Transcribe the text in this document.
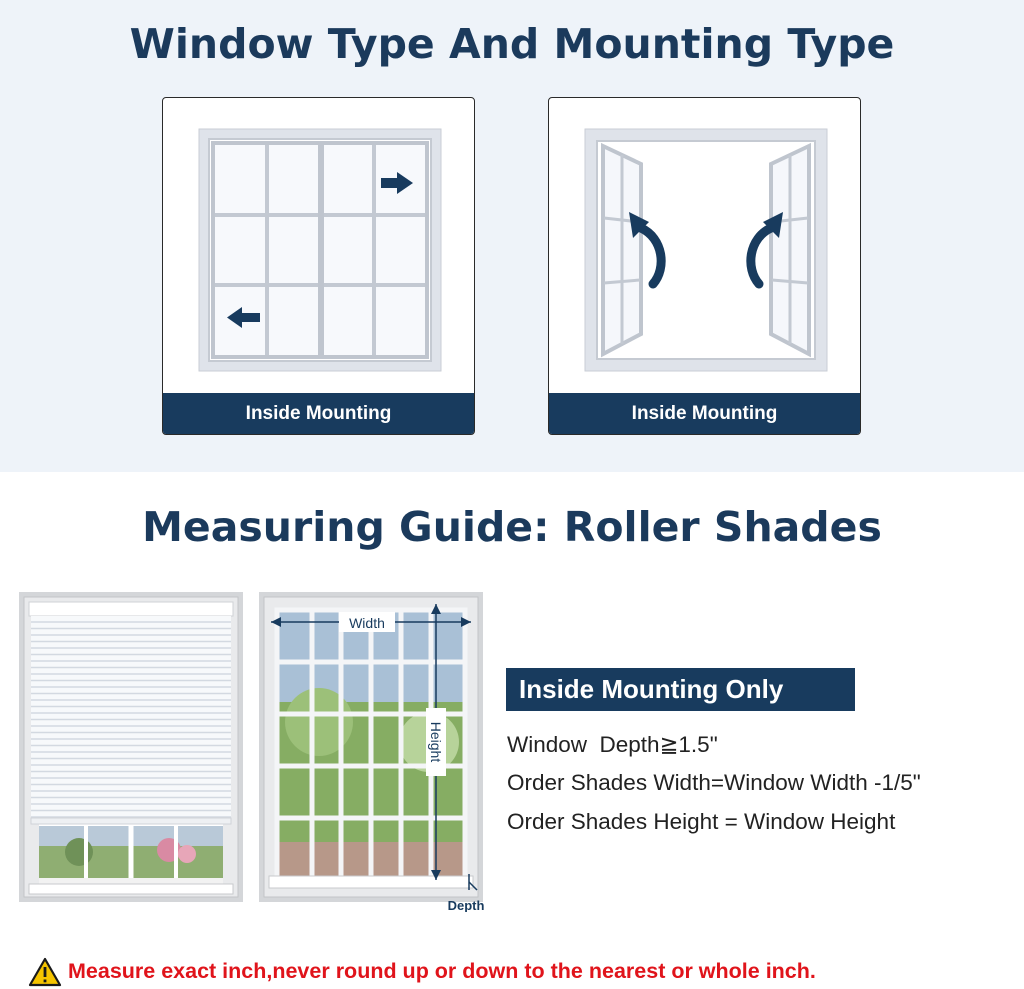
Window Type And Mounting Type
Inside Mounting	Inside Mounting
Measuring Guide: Roller Shades
Width
Height
Depth
Inside Mounting Only
Window  Depth≧1.5"
Order Shades Width=Window Width -1/5"
Order Shades Height = Window Height
Measure exact inch,never round up or down to the nearest or whole inch.
